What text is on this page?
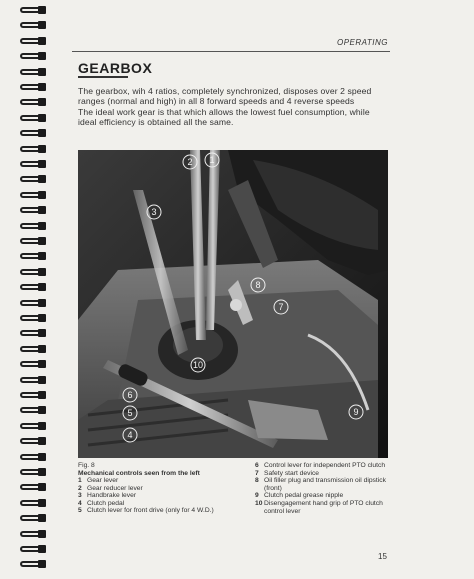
OPERATING
GEARBOX

The gearbox, wih 4 ratios, completely synchronized, disposes over 2 speed ranges (normal and high) in all 8 forward speeds and 4 reverse speeds

The ideal work gear is that which allows the lowest fuel consumption, while ideal efficiency is obtained all the same.

1
2
3
4
5
6
7
8
9
10
Fig. 8
Mechanical controls seen from the left
1 Gear lever
2 Gear reducer lever
3 Handbrake lever
4 Clutch pedal
5 Clutch lever for front drive (only for 4 W.D.)
6 Control lever for independent PTO clutch
7 Safety start device
8 Oil filler plug and transmission oil dipstick (front)
9 Clutch pedal grease nipple
10 Disengagement hand grip of PTO clutch control lever
15
